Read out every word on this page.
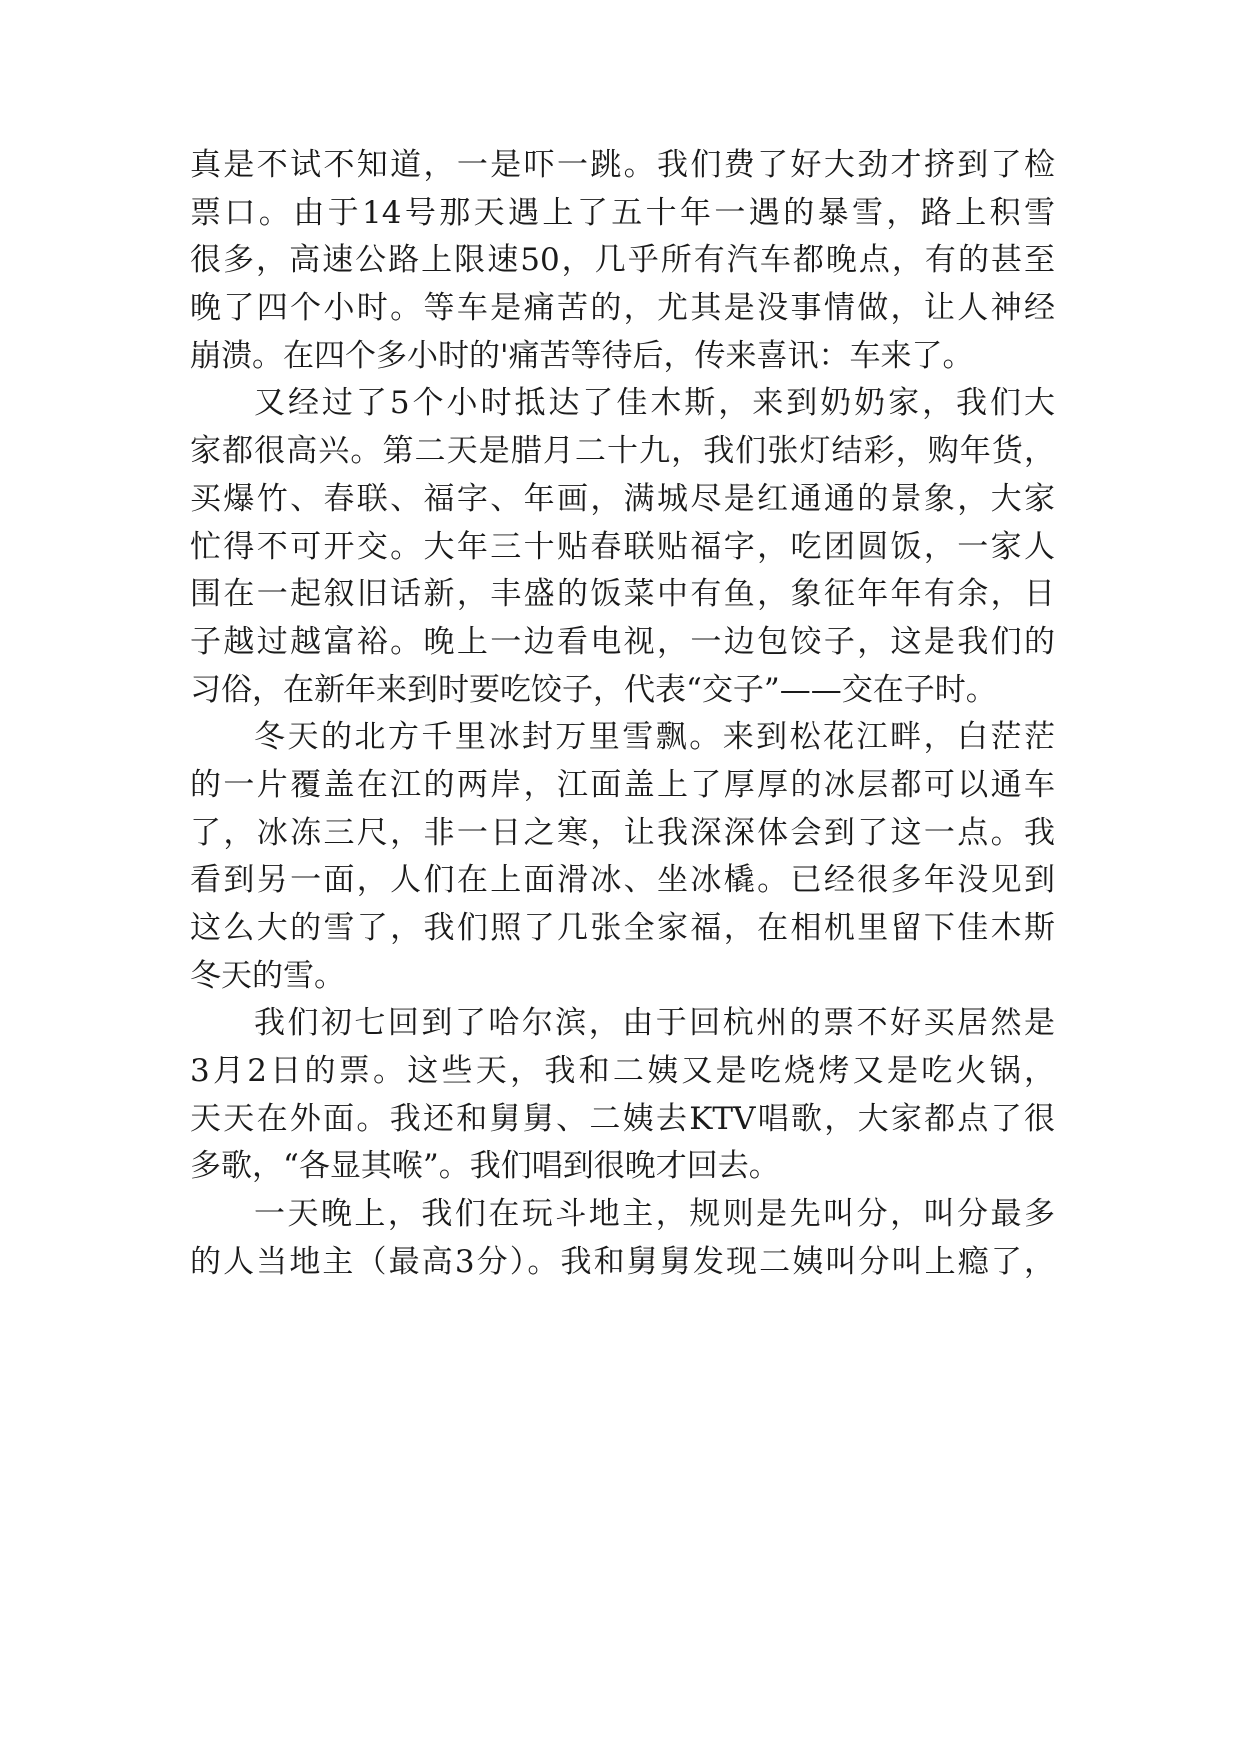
真是不试不知道，一是吓一跳。我们费了好大劲才挤到了检
票口。由于14号那天遇上了五十年一遇的暴雪，路上积雪
很多，高速公路上限速50，几乎所有汽车都晚点，有的甚至
晚了四个小时。等车是痛苦的，尤其是没事情做，让人神经
崩溃。在四个多小时的'痛苦等待后，传来喜讯：车来了。
又经过了5个小时抵达了佳木斯，来到奶奶家，我们大
家都很高兴。第二天是腊月二十九，我们张灯结彩，购年货，
买爆竹、春联、福字、年画，满城尽是红通通的景象，大家
忙得不可开交。大年三十贴春联贴福字，吃团圆饭，一家人
围在一起叙旧话新，丰盛的饭菜中有鱼，象征年年有余，日
子越过越富裕。晚上一边看电视，一边包饺子，这是我们的
习俗，在新年来到时要吃饺子，代表“交子”——交在子时。
冬天的北方千里冰封万里雪飘。来到松花江畔，白茫茫
的一片覆盖在江的两岸，江面盖上了厚厚的冰层都可以通车
了，冰冻三尺，非一日之寒，让我深深体会到了这一点。我
看到另一面，人们在上面滑冰、坐冰橇。已经很多年没见到
这么大的雪了，我们照了几张全家福，在相机里留下佳木斯
冬天的雪。
我们初七回到了哈尔滨，由于回杭州的票不好买居然是
3月2日的票。这些天，我和二姨又是吃烧烤又是吃火锅，
天天在外面。我还和舅舅、二姨去KTV唱歌，大家都点了很
多歌，“各显其喉”。我们唱到很晚才回去。
一天晚上，我们在玩斗地主，规则是先叫分，叫分最多
的人当地主（最高3分）。我和舅舅发现二姨叫分叫上瘾了，
